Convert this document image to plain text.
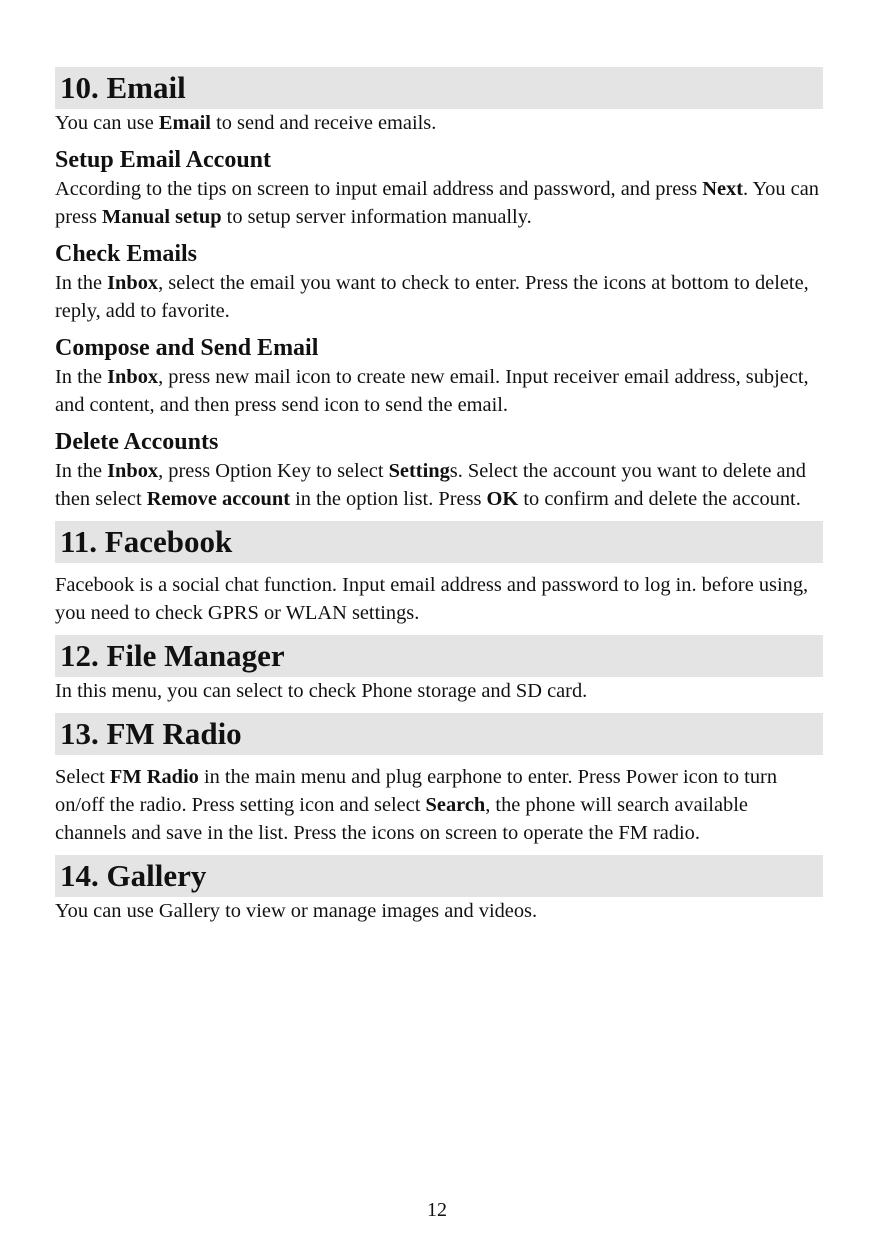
10. Email

You can use Email to send and receive emails.

Setup Email Account

According to the tips on screen to input email address and password, and press Next. You can press Manual setup to setup server information manually.

Check Emails

In the Inbox, select the email you want to check to enter. Press the icons at bottom to delete, reply, add to favorite.

Compose and Send Email

In the Inbox, press new mail icon to create new email. Input receiver email address, subject, and content, and then press send icon to send the email.

Delete Accounts

In the Inbox, press Option Key to select Settings. Select the account you want to delete and then select Remove account in the option list. Press OK to confirm and delete the account.

11. Facebook

Facebook is a social chat function. Input email address and password to log in. before using, you need to check GPRS or WLAN settings.

12. File Manager

In this menu, you can select to check Phone storage and SD card.

13. FM Radio

Select FM Radio in the main menu and plug earphone to enter. Press Power icon to turn on/off the radio. Press setting icon and select Search, the phone will search available channels and save in the list. Press the icons on screen to operate the FM radio.

14. Gallery

You can use Gallery to view or manage images and videos.

12
